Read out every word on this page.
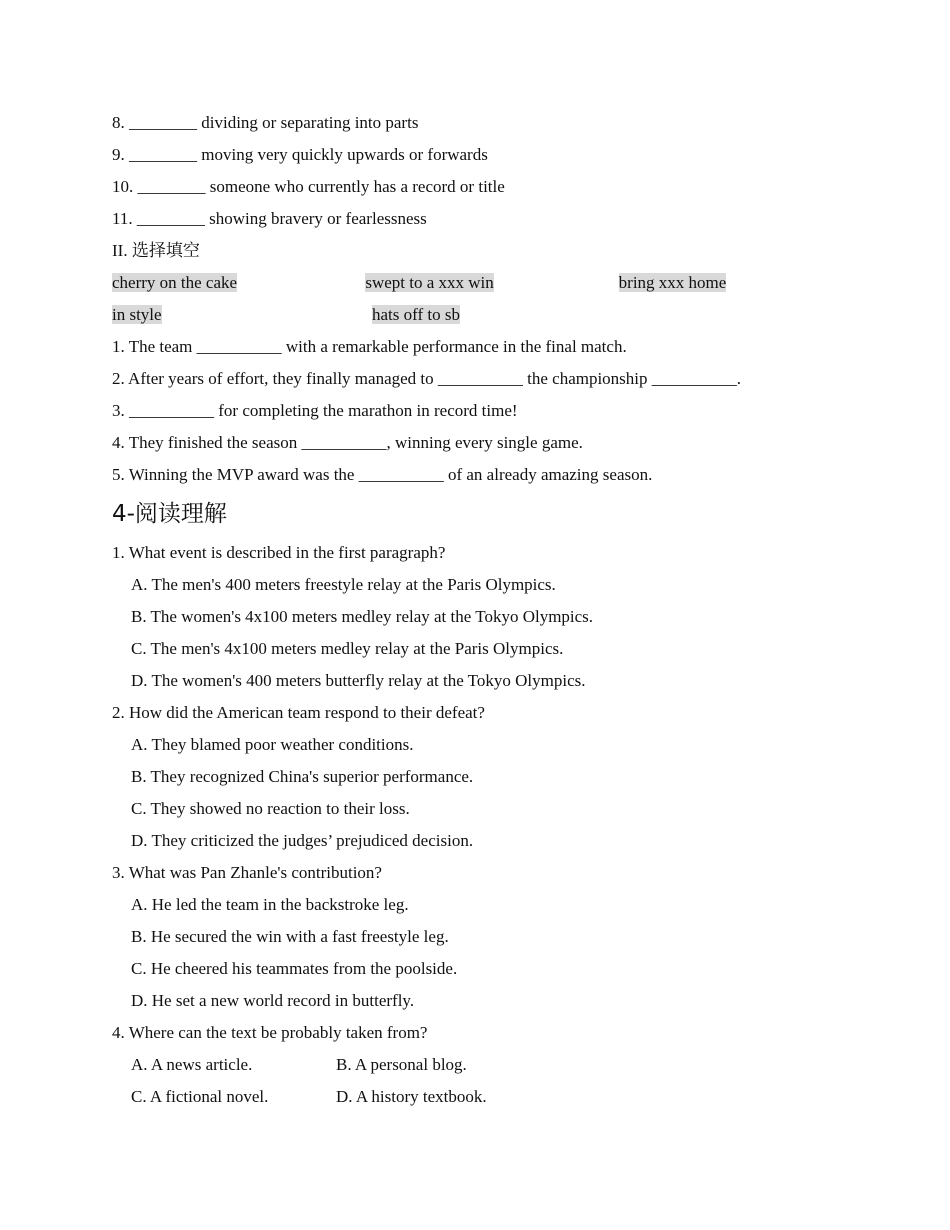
8. ________ dividing or separating into parts
9. ________ moving very quickly upwards or forwards
10. ________ someone who currently has a record or title
11. ________ showing bravery or fearlessness
II. 选择填空
cherry on the cake	swept to a xxx win	bring xxx home
in style	hats off to sb
1. The team __________ with a remarkable performance in the final match.
2. After years of effort, they finally managed to __________ the championship __________.
3. __________ for completing the marathon in record time!
4. They finished the season __________, winning every single game.
5. Winning the MVP award was the __________ of an already amazing season.
4-阅读理解
1. What event is described in the first paragraph?
A. The men's 400 meters freestyle relay at the Paris Olympics.
B. The women's 4x100 meters medley relay at the Tokyo Olympics.
C. The men's 4x100 meters medley relay at the Paris Olympics.
D. The women's 400 meters butterfly relay at the Tokyo Olympics.
2. How did the American team respond to their defeat?
A. They blamed poor weather conditions.
B. They recognized China's superior performance.
C. They showed no reaction to their loss.
D. They criticized the judges’ prejudiced decision.
3. What was Pan Zhanle's contribution?
A. He led the team in the backstroke leg.
B. He secured the win with a fast freestyle leg.
C. He cheered his teammates from the poolside.
D. He set a new world record in butterfly.
4. Where can the text be probably taken from?
A. A news article.	B. A personal blog.
C. A fictional novel.	D. A history textbook.
